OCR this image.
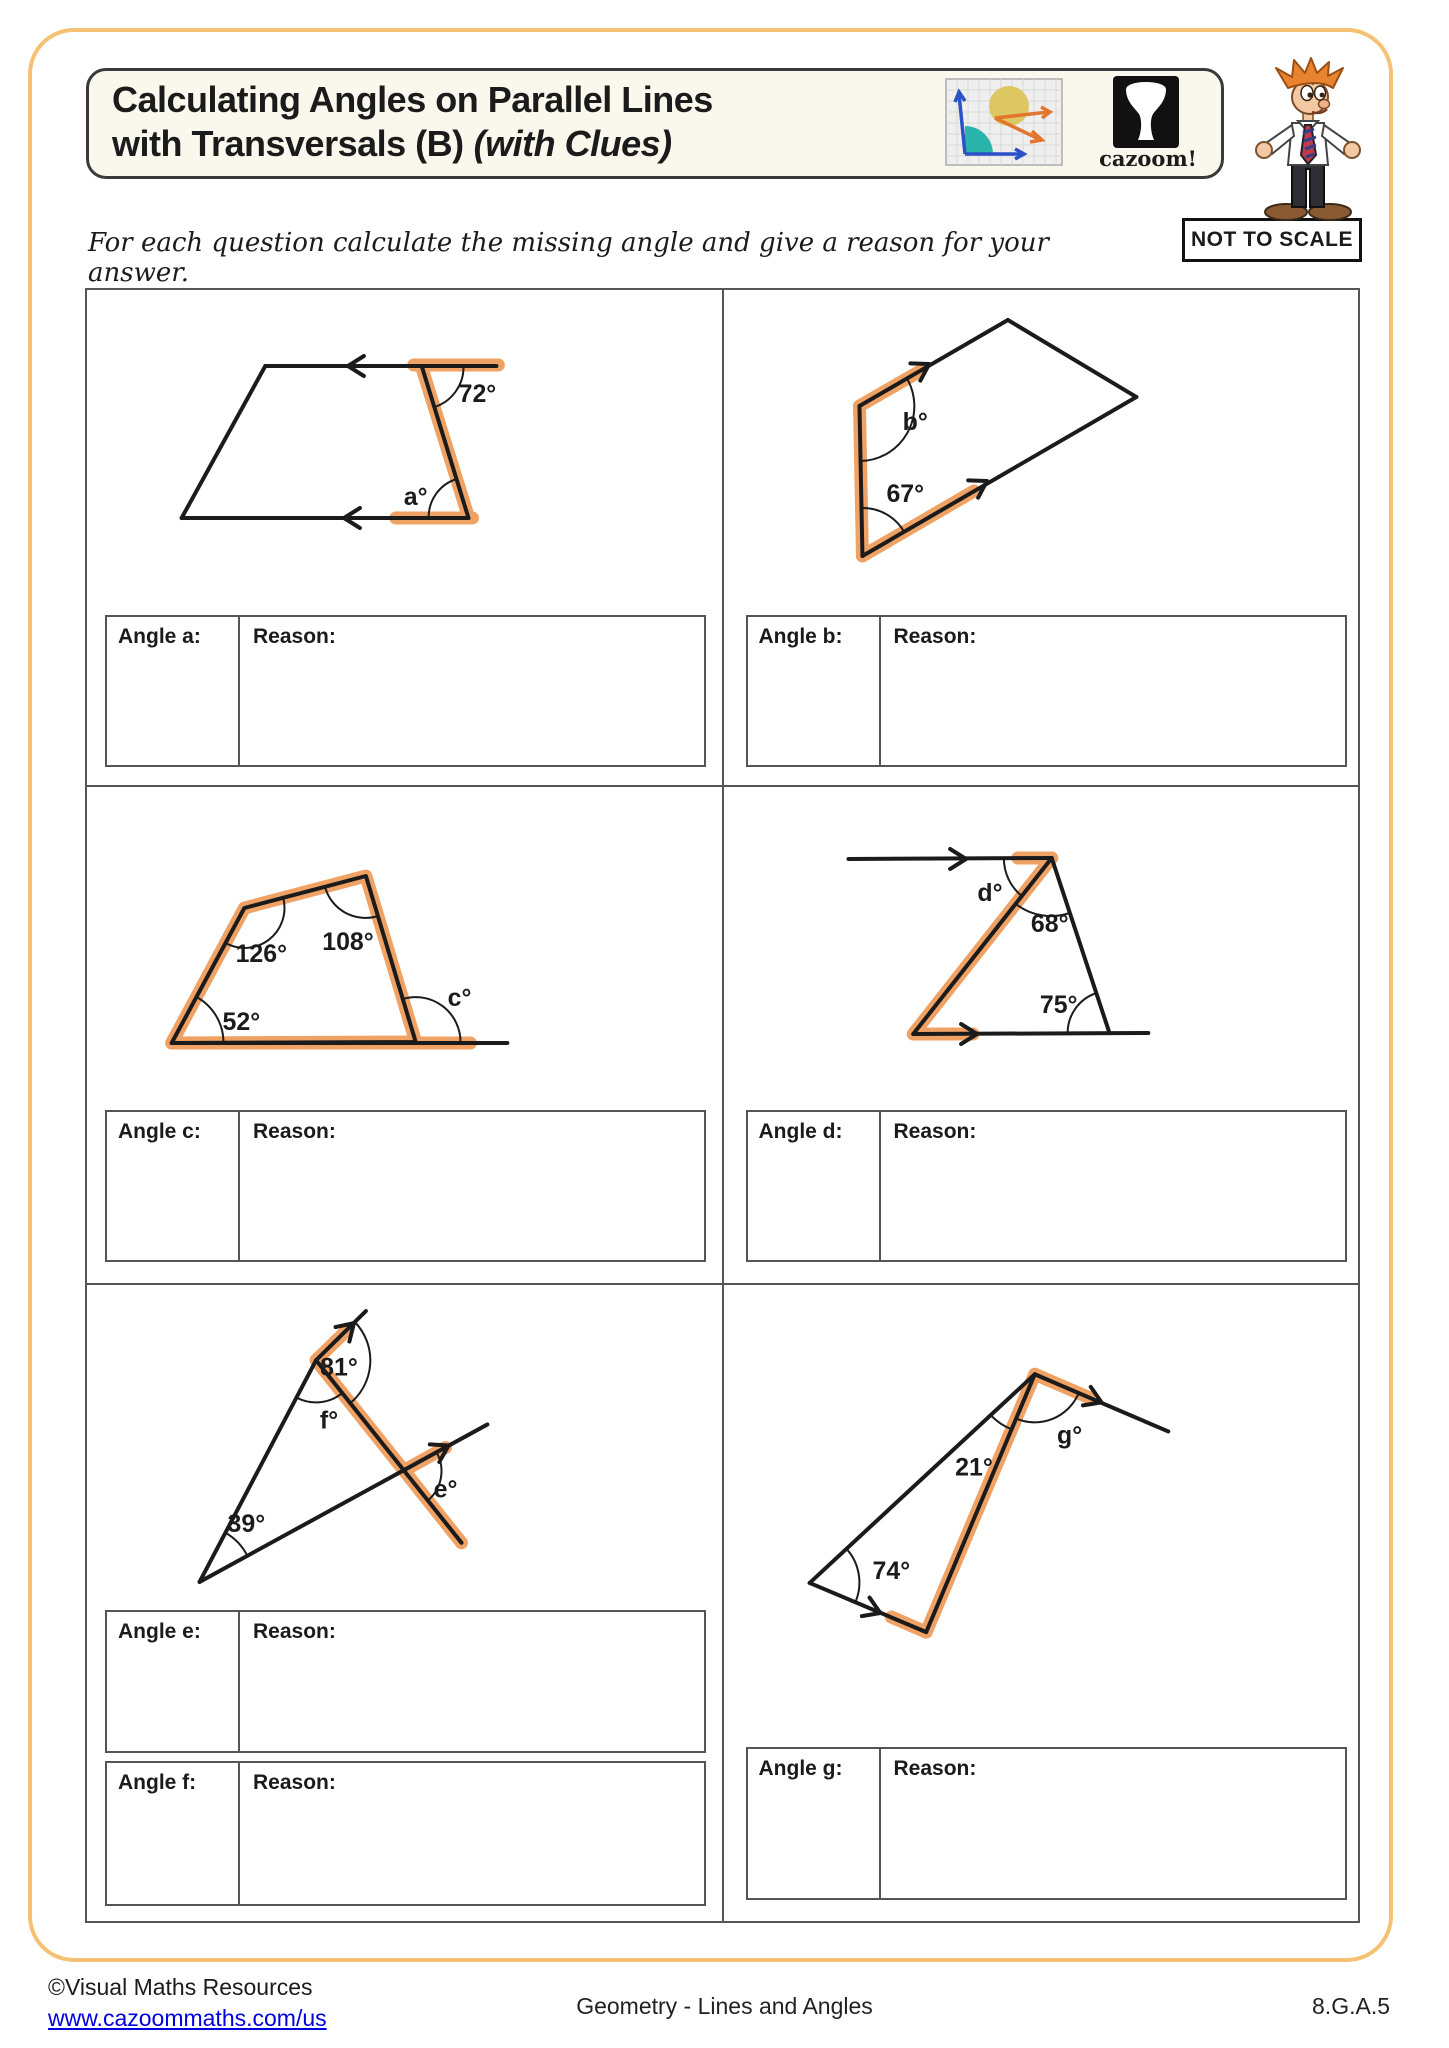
Calculating Angles on Parallel Lines
with Transversals (B) (with Clues)	cazoom!
NOT TO SCALE
For each question calculate the missing angle and give a reason for your answer.
72°
a°
Angle a:	Reason:
b°
67°
Angle b:	Reason:
126° 108°
52°
c°
Angle c:	Reason:
d°
68°
75°
Angle d:	Reason:
81°
f°
39°
e°
Angle e:	Reason:
Angle f:	Reason:
21°
g°
74°
Angle g:	Reason:
©Visual Maths Resources
www.cazoommaths.com/us	Geometry - Lines and Angles	8.G.A.5
